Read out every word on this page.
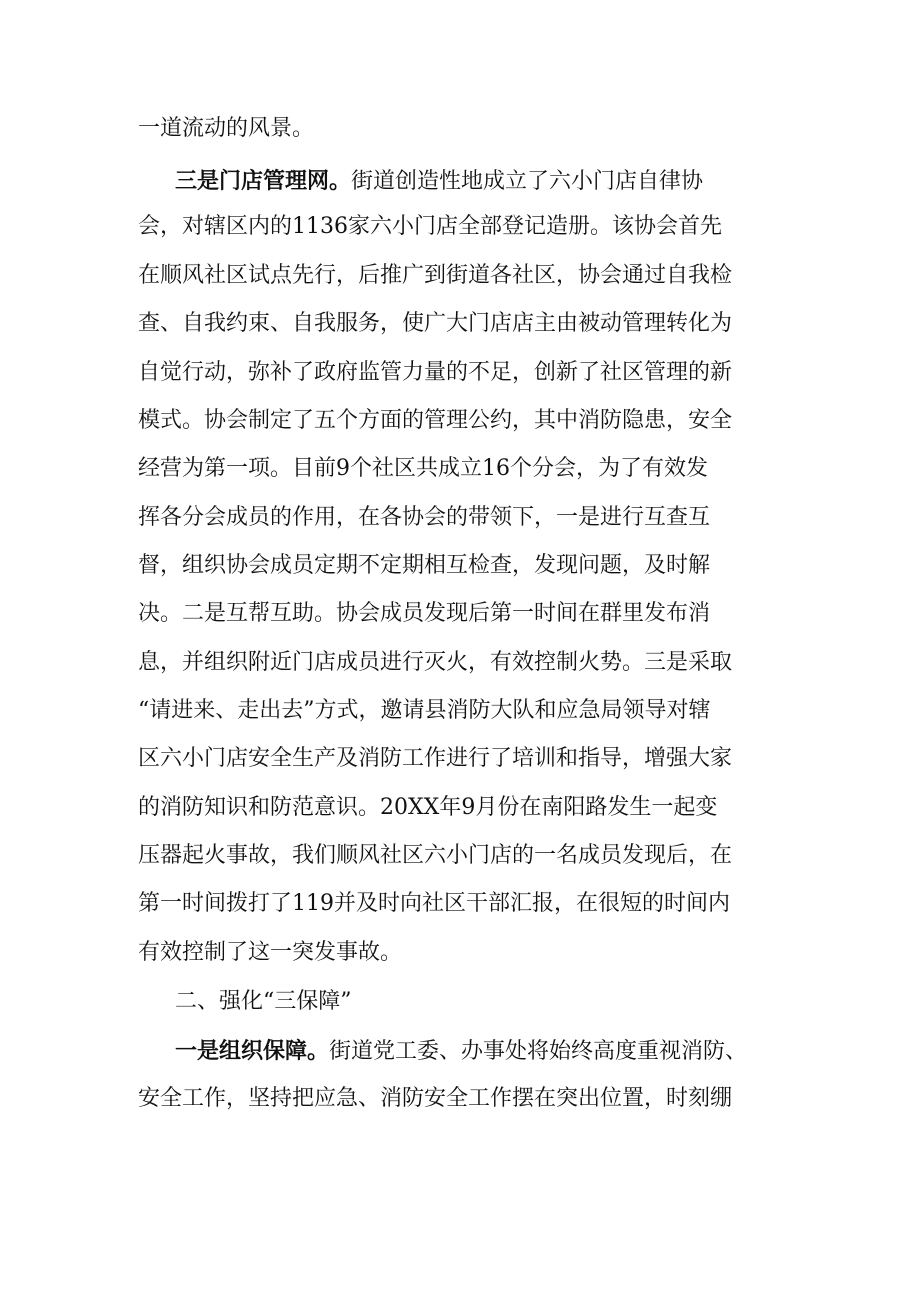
一道流动的风景。

三是门店管理网。街道创造性地成立了六小门店自律协

会，对辖区内的1136家六小门店全部登记造册。该协会首先

在顺风社区试点先行，后推广到街道各社区，协会通过自我检

查、自我约束、自我服务，使广大门店店主由被动管理转化为

自觉行动，弥补了政府监管力量的不足，创新了社区管理的新

模式。协会制定了五个方面的管理公约，其中消防隐患，安全

经营为第一项。目前9个社区共成立16个分会，为了有效发

挥各分会成员的作用，在各协会的带领下，一是进行互查互

督，组织协会成员定期不定期相互检查，发现问题，及时解

决。二是互帮互助。协会成员发现后第一时间在群里发布消

息，并组织附近门店成员进行灭火，有效控制火势。三是采取

“请进来、走出去”方式，邀请县消防大队和应急局领导对辖

区六小门店安全生产及消防工作进行了培训和指导，增强大家

的消防知识和防范意识。20XX年9月份在南阳路发生一起变

压器起火事故，我们顺风社区六小门店的一名成员发现后，在

第一时间拨打了119并及时向社区干部汇报，在很短的时间内

有效控制了这一突发事故。

二、强化“三保障”

一是组织保障。街道党工委、办事处将始终高度重视消防、

安全工作，坚持把应急、消防安全工作摆在突出位置，时刻绷
